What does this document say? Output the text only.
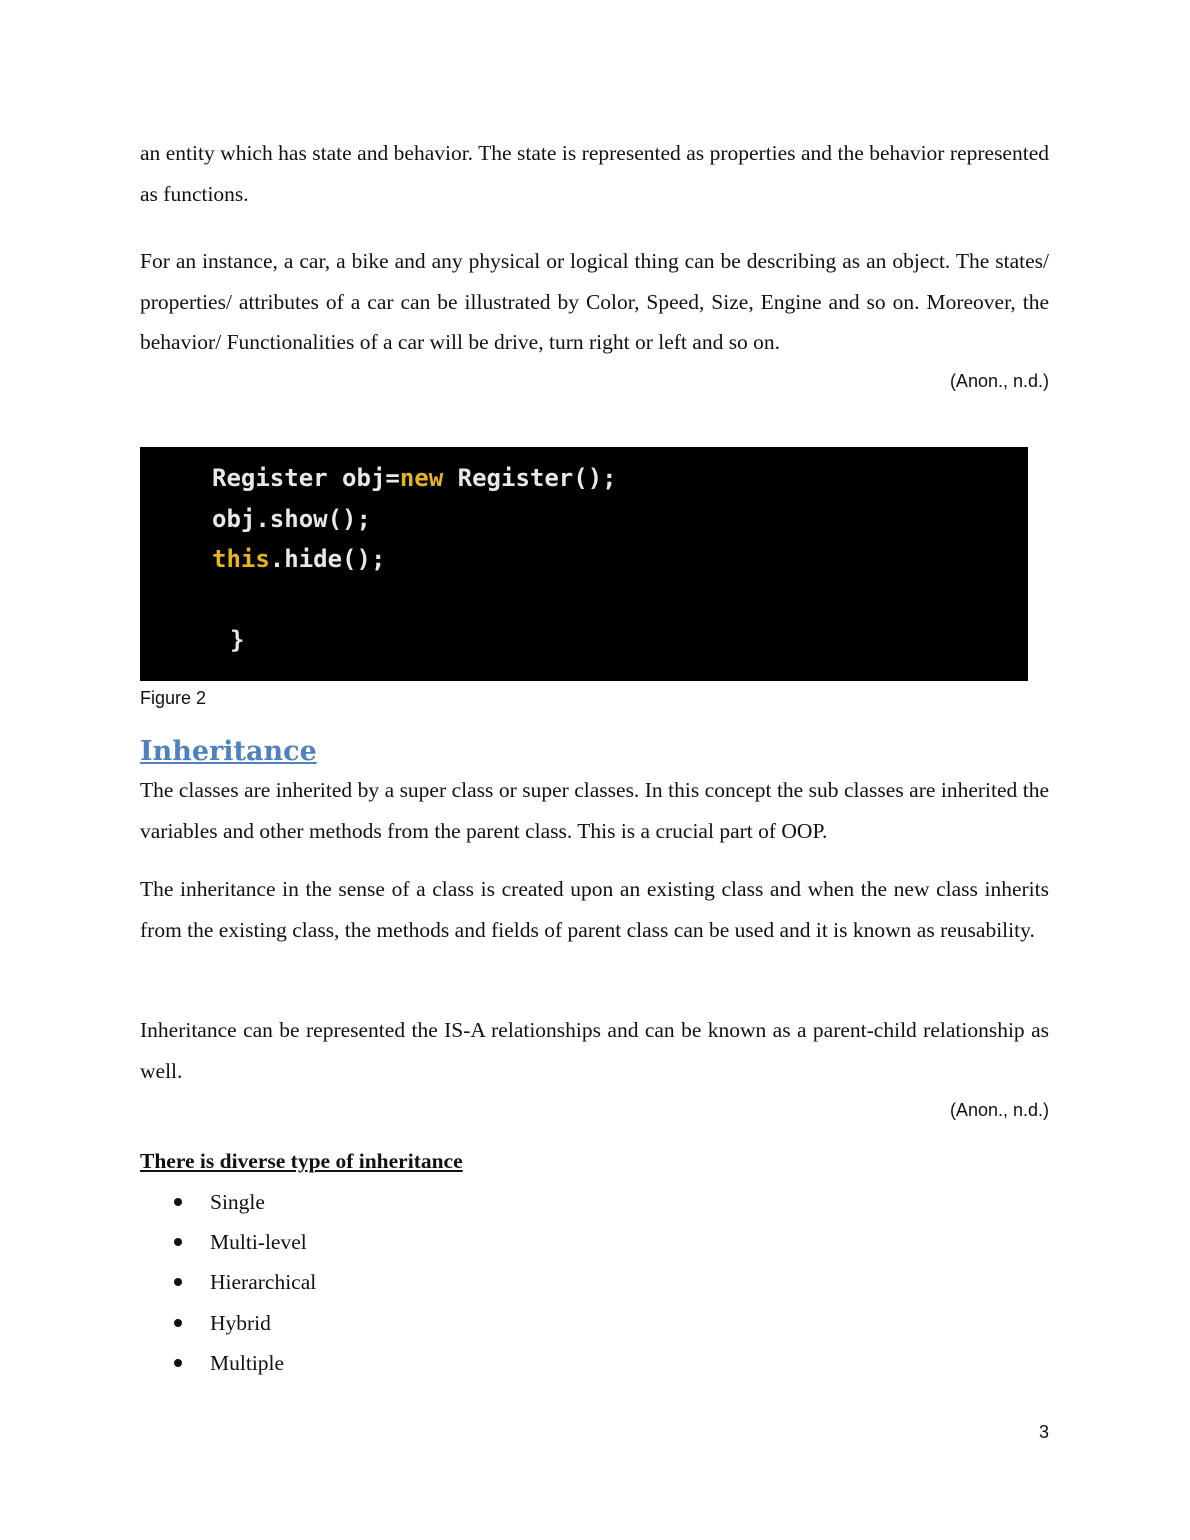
an entity which has state and behavior. The state is represented as properties and the behavior represented as functions.

For an instance, a car, a bike and any physical or logical thing can be describing as an object. The states/ properties/ attributes of a car can be illustrated by Color, Speed, Size, Engine and so on. Moreover, the behavior/ Functionalities of a car will be drive, turn right or left and so on.

(Anon., n.d.)

Register obj=new Register();
obj.show();
this.hide();
}
Figure 2
Inheritance

The classes are inherited by a super class or super classes. In this concept the sub classes are inherited the variables and other methods from the parent class. This is a crucial part of OOP.

The inheritance in the sense of a class is created upon an existing class and when the new class inherits from the existing class, the methods and fields of parent class can be used and it is known as reusability.

Inheritance can be represented the IS-A relationships and can be known as a parent-child relationship as well.

(Anon., n.d.)
There is diverse type of inheritance
Single
Multi-level
Hierarchical
Hybrid
Multiple
3
